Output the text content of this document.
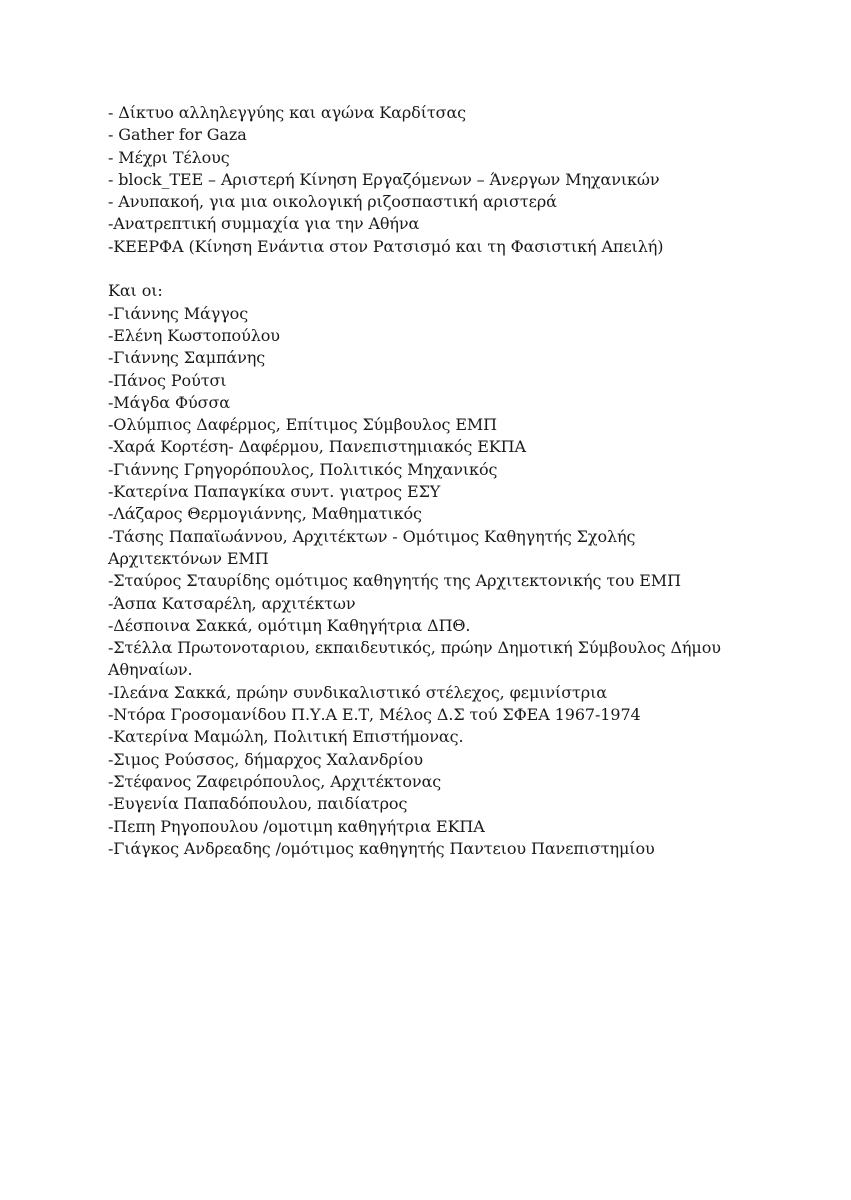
- Δίκτυο αλληλεγγύης και αγώνα Καρδίτσας

- Gather for Gaza

- Μέχρι Τέλους

- block_ΤΕΕ – Αριστερή Κίνηση Εργαζόμενων – Άνεργων Μηχανικών

- Ανυπακοή, για μια οικολογική ριζοσπαστική αριστερά

-Ανατρεπτική συμμαχία για την Αθήνα

-ΚΕΕΡΦΑ (Κίνηση Ενάντια στον Ρατσισμό και τη Φασιστική Απειλή)

Και οι:

-Γιάννης Μάγγος

-Ελένη Κωστοπούλου

-Γιάννης Σαμπάνης

-Πάνος Ρούτσι

-Μάγδα Φύσσα

-Ολύμπιος Δαφέρμος, Επίτιμος Σύμβουλος ΕΜΠ

-Χαρά Κορτέση- Δαφέρμου, Πανεπιστημιακός ΕΚΠΑ

-Γιάννης Γρηγορόπουλος, Πολιτικός Μηχανικός

-Κατερίνα Παπαγκίκα συντ. γιατρος ΕΣΥ

-Λάζαρος Θερμογιάννης, Μαθηματικός

-Τάσης Παπαϊωάννου, Αρχιτέκτων - Ομότιμος Καθηγητής Σχολής Αρχιτεκτόνων ΕΜΠ

-Σταύρος Σταυρίδης ομότιμος καθηγητής της Αρχιτεκτονικής του ΕΜΠ

-Άσπα Κατσαρέλη, αρχιτέκτων

-Δέσποινα Σακκά, ομότιμη Καθηγήτρια ΔΠΘ.

-Στέλλα Πρωτονοταριου, εκπαιδευτικός, πρώην Δημοτική Σύμβουλος Δήμου Αθηναίων.

-Ιλεάνα Σακκά, πρώην συνδικαλιστικό στέλεχος, φεμινίστρια

-Ντόρα Γροσομανίδου Π.Υ.Α Ε.Τ, Μέλος Δ.Σ τού ΣΦΕΑ 1967-1974

-Κατερίνα Μαμώλη, Πολιτική Επιστήμονας.

-Σιμος Ρούσσος, δήμαρχος Χαλανδρίου

-Στέφανος Ζαφειρόπουλος, Αρχιτέκτονας

-Ευγενία Παπαδόπουλου, παιδίατρος

-Πεπη Ρηγοπουλου /ομοτιμη καθηγήτρια ΕΚΠΑ

-Γιάγκος Ανδρεαδης /ομότιμος καθηγητής Παντειου Πανεπιστημίου
